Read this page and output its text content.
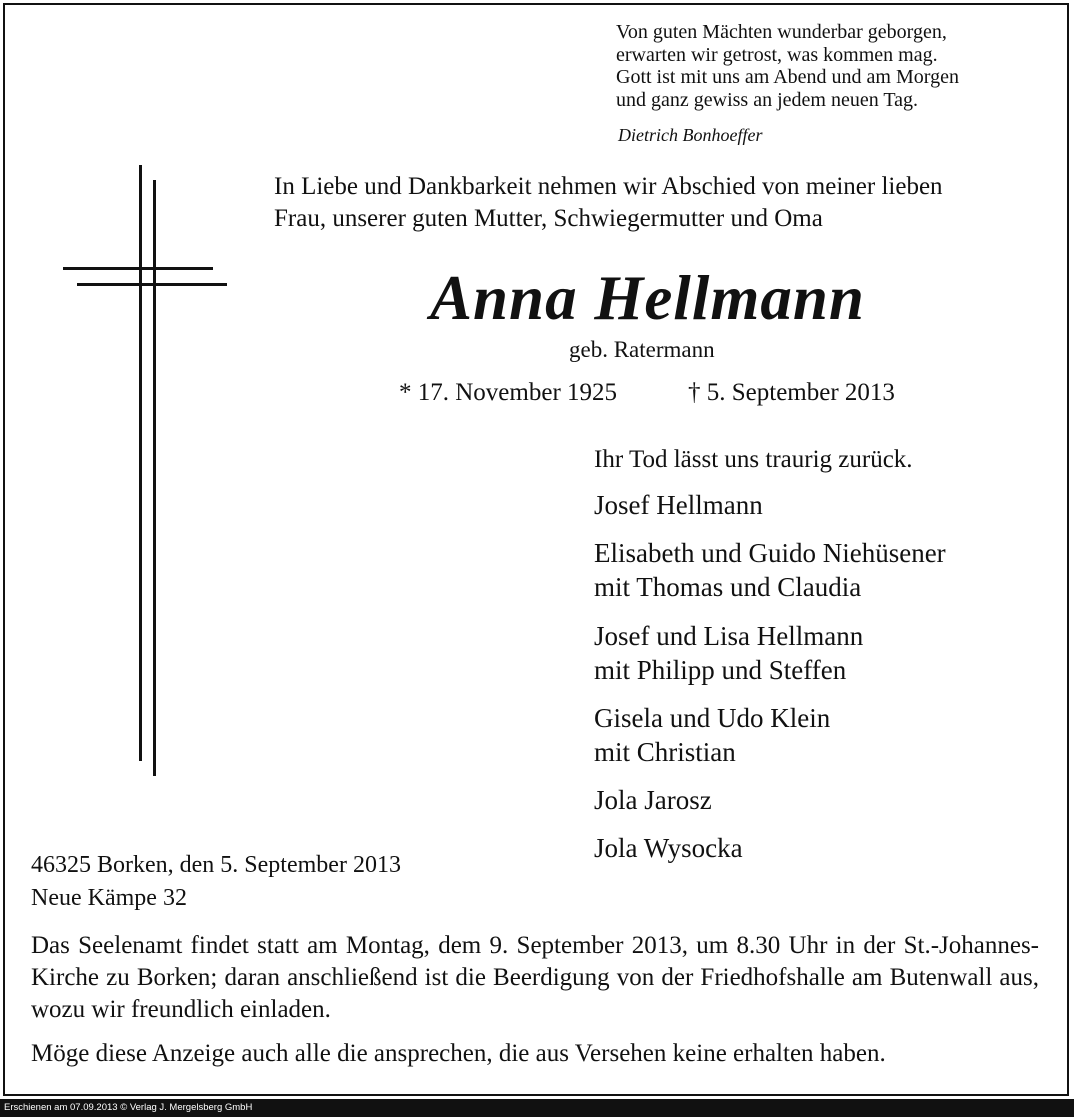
Von guten Mächten wunderbar geborgen,
erwarten wir getrost, was kommen mag.
Gott ist mit uns am Abend und am Morgen
und ganz gewiss an jedem neuen Tag.
Dietrich Bonhoeffer
In Liebe und Dankbarkeit nehmen wir Abschied von meiner lieben
Frau, unserer guten Mutter, Schwiegermutter und Oma
Anna Hellmann
geb. Ratermann
* 17. November 1925	† 5. September 2013
Ihr Tod lässt uns traurig zurück.
Josef Hellmann
Elisabeth und Guido Niehüsener
mit Thomas und Claudia
Josef und Lisa Hellmann
mit Philipp und Steffen
Gisela und Udo Klein
mit Christian
Jola Jarosz
Jola Wysocka
46325 Borken, den 5. September 2013
Neue Kämpe 32
Das Seelenamt findet statt am Montag, dem 9. September 2013, um 8.30 Uhr in der St.-Johannes-Kirche zu Borken; daran anschließend ist die Beerdigung von der Friedhofshalle am Butenwall aus, wozu wir freundlich einladen.
Möge diese Anzeige auch alle die ansprechen, die aus Versehen keine erhalten haben.
Erschienen am 07.09.2013 © Verlag J. Mergelsberg GmbH
